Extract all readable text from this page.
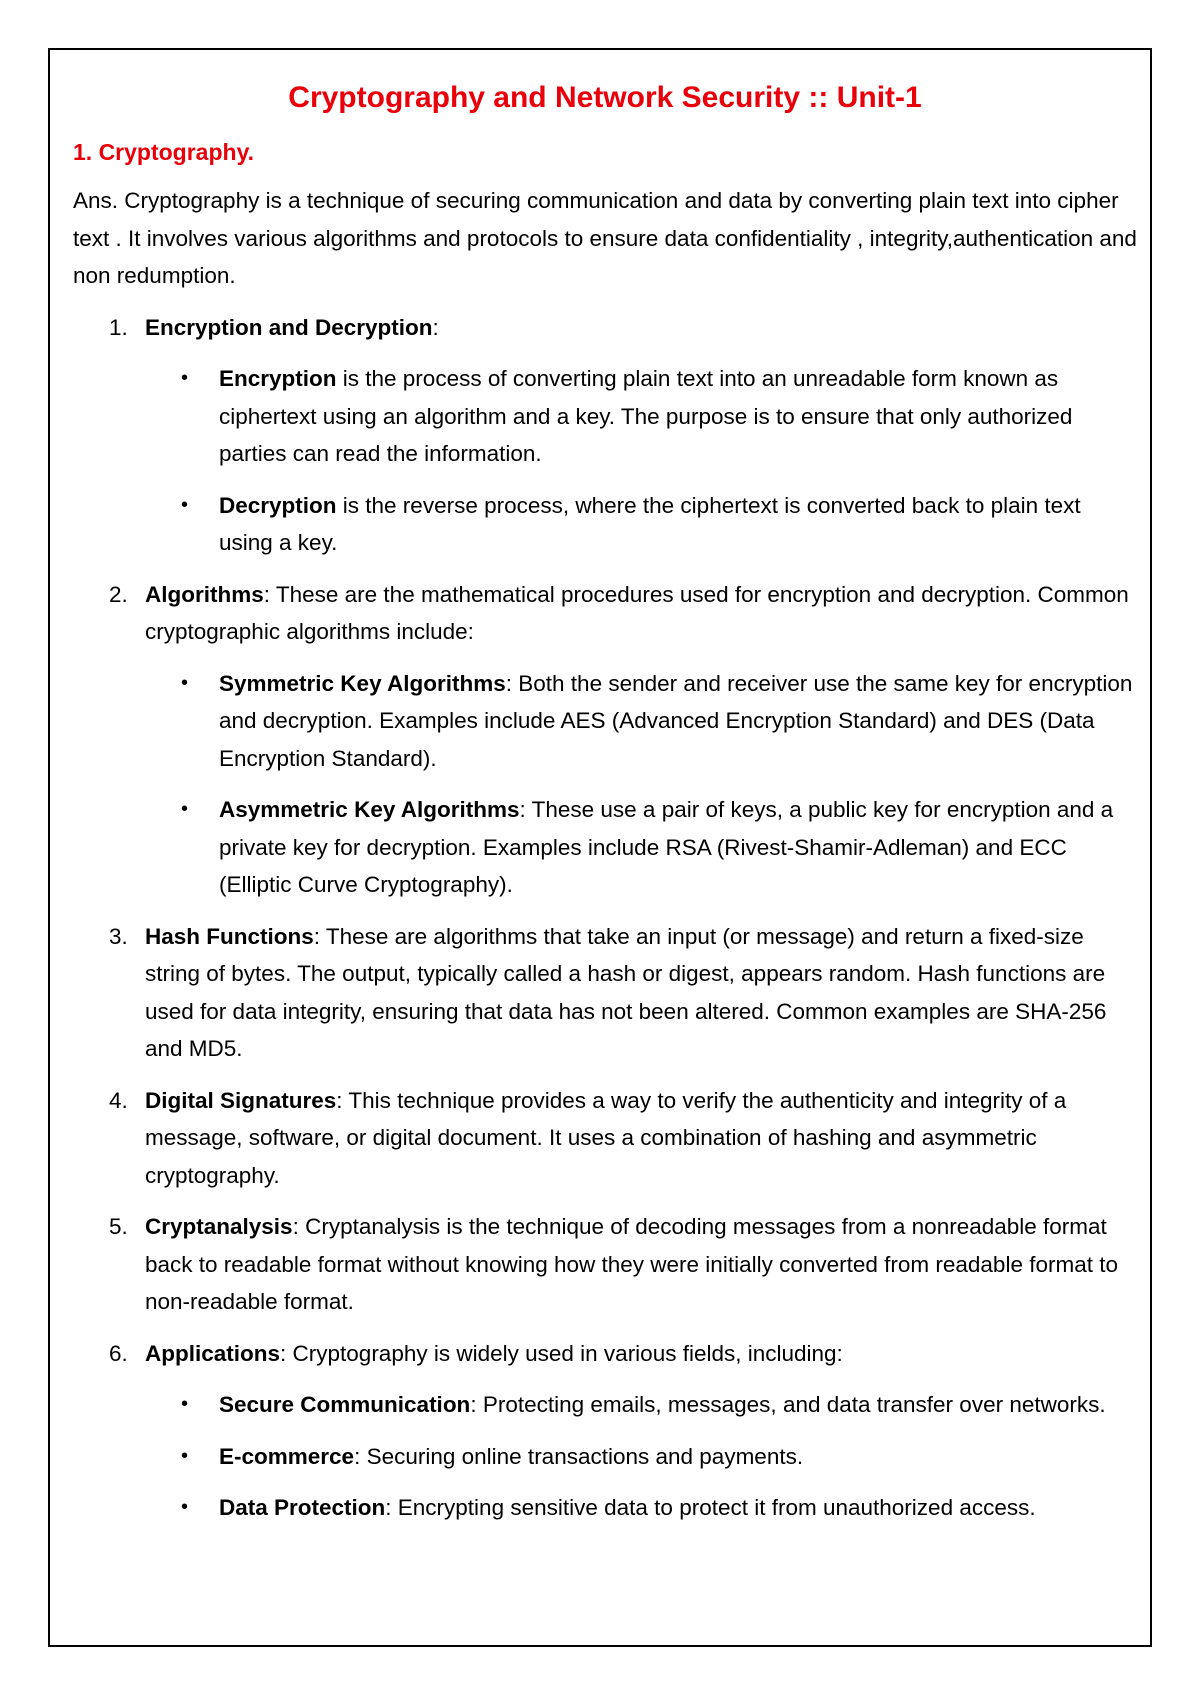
Cryptography and Network Security :: Unit-1
1. Cryptography.

Ans. Cryptography is a technique of securing communication and data by converting plain text into cipher text . It involves various algorithms and protocols to ensure data confidentiality , integrity,authentication and non redumption.

1. Encryption and Decryption:
• Encryption is the process of converting plain text into an unreadable form known as ciphertext using an algorithm and a key. The purpose is to ensure that only authorized parties can read the information.
• Decryption is the reverse process, where the ciphertext is converted back to plain text using a key.
2. Algorithms: These are the mathematical procedures used for encryption and decryption. Common cryptographic algorithms include:
• Symmetric Key Algorithms: Both the sender and receiver use the same key for encryption and decryption. Examples include AES (Advanced Encryption Standard) and DES (Data Encryption Standard).
• Asymmetric Key Algorithms: These use a pair of keys, a public key for encryption and a private key for decryption. Examples include RSA (Rivest-Shamir-Adleman) and ECC (Elliptic Curve Cryptography).
3. Hash Functions: These are algorithms that take an input (or message) and return a fixed-size string of bytes. The output, typically called a hash or digest, appears random. Hash functions are used for data integrity, ensuring that data has not been altered. Common examples are SHA-256 and MD5.
4. Digital Signatures: This technique provides a way to verify the authenticity and integrity of a message, software, or digital document. It uses a combination of hashing and asymmetric cryptography.
5. Cryptanalysis: Cryptanalysis is the technique of decoding messages from a nonreadable format back to readable format without knowing how they were initially converted from readable format to non-readable format.
6. Applications: Cryptography is widely used in various fields, including:
• Secure Communication: Protecting emails, messages, and data transfer over networks.
• E-commerce: Securing online transactions and payments.
• Data Protection: Encrypting sensitive data to protect it from unauthorized access.
